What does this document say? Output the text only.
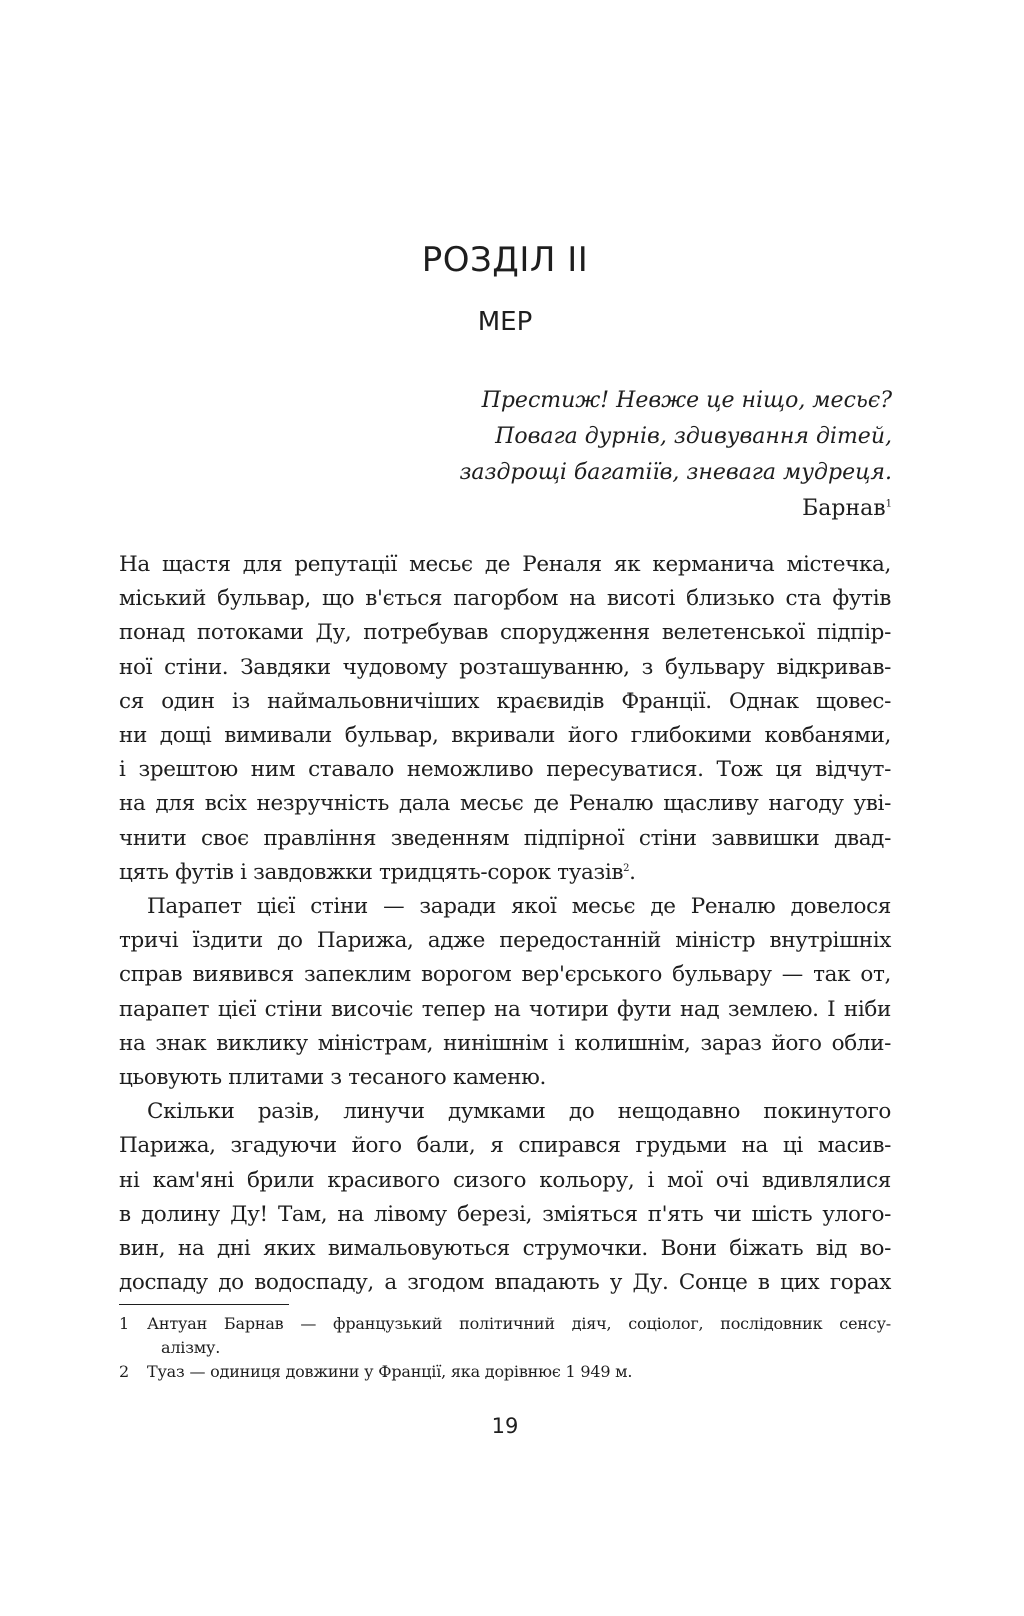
РОЗДІЛ ІІ
МЕР
Престиж! Невже це ніщо, месьє?
Повага дурнів, здивування дітей,
заздрощі багатіїв, зневага мудреця.
Барнав$^1$

На щастя для репутації месьє де Реналя як керманича містечка,
міський бульвар, що в'ється пагорбом на висоті близько ста футів
понад потоками Ду, потребував спорудження велетенської підпір-
ної стіни. Завдяки чудовому розташуванню, з бульвару відкривав-
ся один із наймальовничіших краєвидів Франції. Однак щовес-
ни дощі вимивали бульвар, вкривали його глибокими ковбанями,
і зрештою ним ставало неможливо пересуватися. Тож ця відчут-
на для всіх незручність дала месьє де Реналю щасливу нагоду уві-
чнити своє правління зведенням підпірної стіни заввишки двад-
цять футів і завдовжки тридцять-сорок туазів$^2$.

Парапет цієї стіни — заради якої месьє де Реналю довелося
тричі їздити до Парижа, адже передостанній міністр внутрішніх
справ виявився запеклим ворогом вер'єрського бульвару — так от,
парапет цієї стіни височіє тепер на чотири фути над землею. І ніби
на знак виклику міністрам, нинішнім і колишнім, зараз його обли-
цьовують плитами з тесаного каменю.

Скільки разів, линучи думками до нещодавно покинутого
Парижа, згадуючи його бали, я спирався грудьми на ці масив-
ні кам'яні брили красивого сизого кольору, і мої очі вдивлялися
в долину Ду! Там, на лівому березі, зміяться п'ять чи шість улого-
вин, на дні яких вимальовуються струмочки. Вони біжать від во-
доспаду до водоспаду, а згодом впадають у Ду. Сонце в цих горах

1 Антуан Барнав — французький політичний діяч, соціолог, послідовник сенсу-
алізму.
2 Туаз — одиниця довжини у Франції, яка дорівнює 1 949 м.
19
